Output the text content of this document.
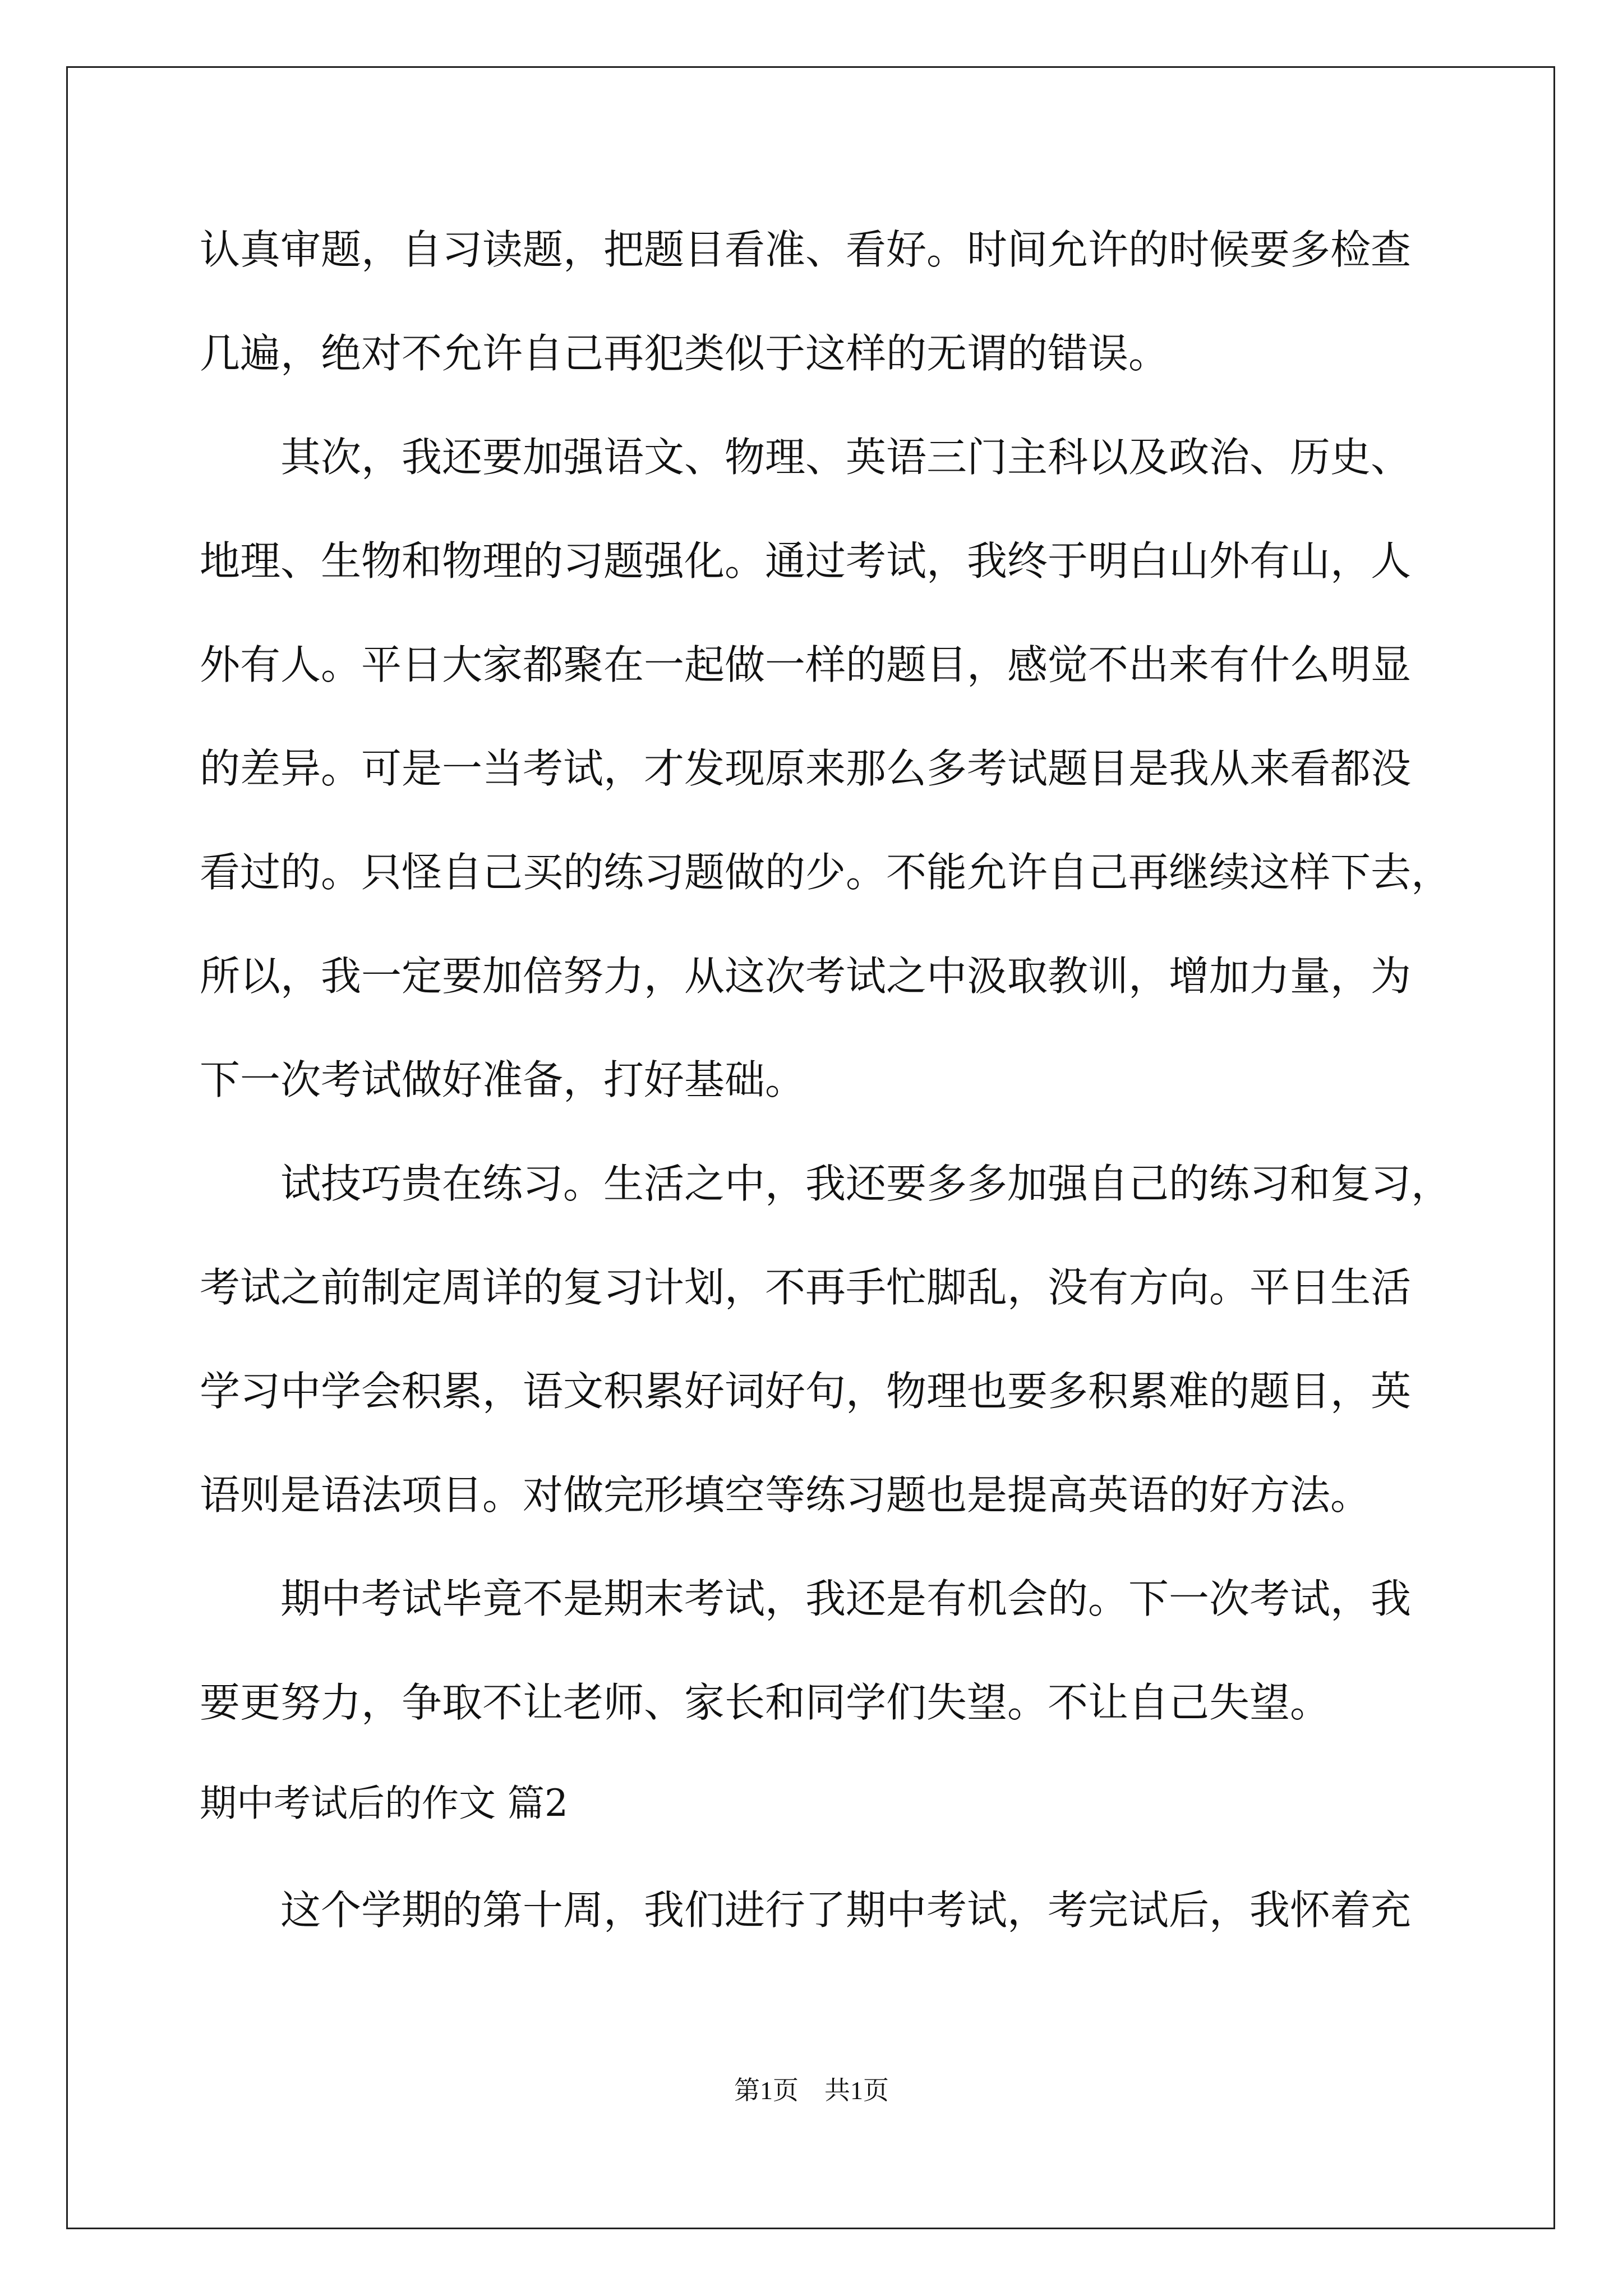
认真审题，自习读题，把题目看准、看好。时间允许的时候要多检查
几遍，绝对不允许自己再犯类似于这样的无谓的错误。
　　其次，我还要加强语文、物理、英语三门主科以及政治、历史、
地理、生物和物理的习题强化。通过考试，我终于明白山外有山，人
外有人。平日大家都聚在一起做一样的题目，感觉不出来有什么明显
的差异。可是一当考试，才发现原来那么多考试题目是我从来看都没
看过的。只怪自己买的练习题做的少。不能允许自己再继续这样下去，
所以，我一定要加倍努力，从这次考试之中汲取教训，增加力量，为
下一次考试做好准备，打好基础。
　　试技巧贵在练习。生活之中，我还要多多加强自己的练习和复习，
考试之前制定周详的复习计划，不再手忙脚乱，没有方向。平日生活
学习中学会积累，语文积累好词好句，物理也要多积累难的题目，英
语则是语法项目。对做完形填空等练习题也是提高英语的好方法。
　　期中考试毕竟不是期末考试，我还是有机会的。下一次考试，我
要更努力，争取不让老师、家长和同学们失望。不让自己失望。
期中考试后的作文 篇2
　　这个学期的第十周，我们进行了期中考试，考完试后，我怀着充
第1页　共1页
